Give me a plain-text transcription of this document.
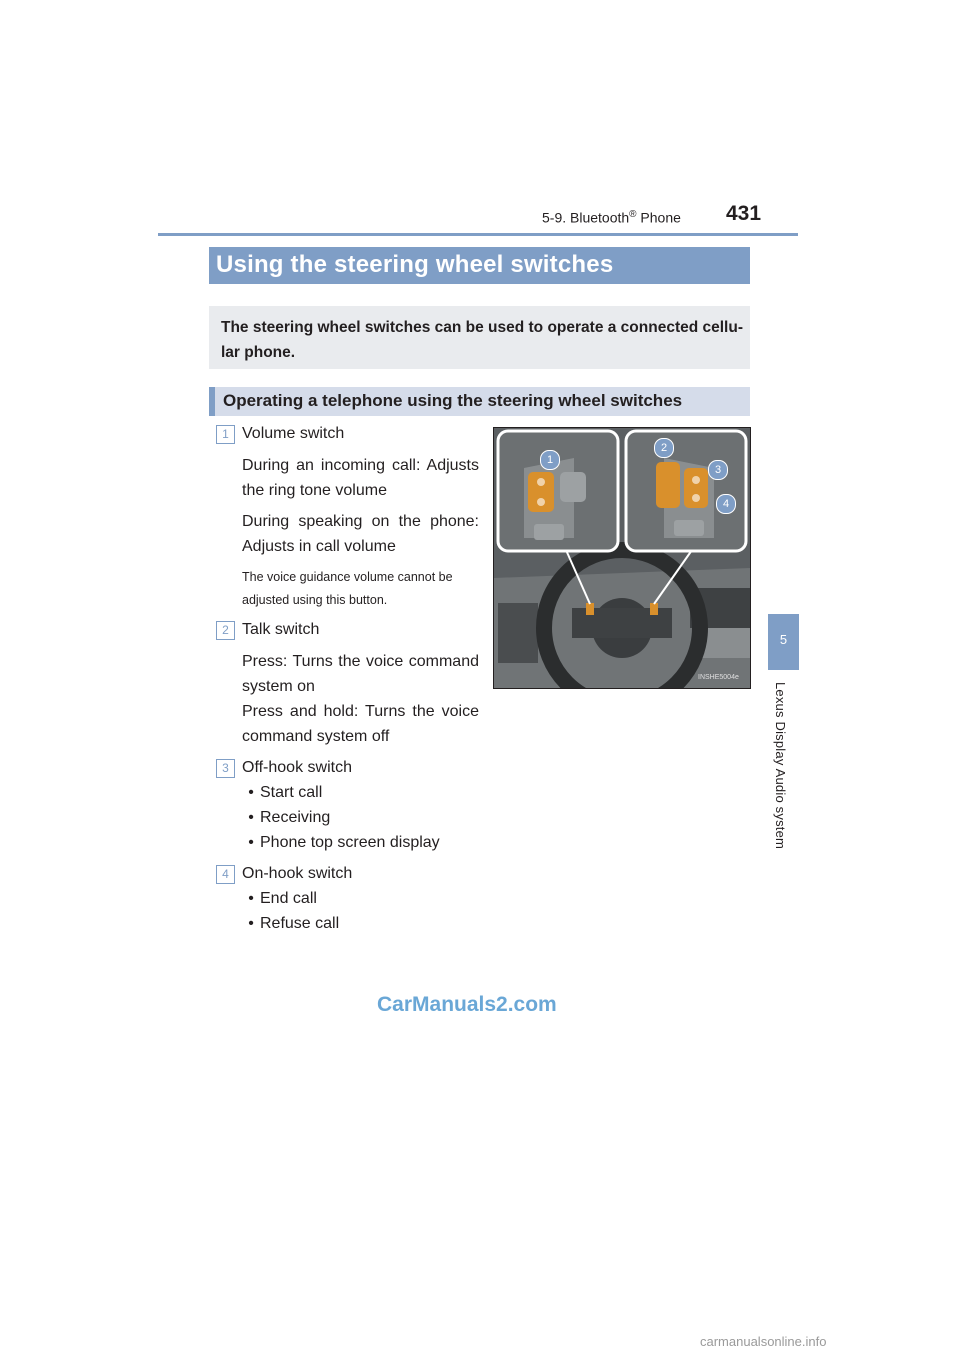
5-9. Bluetooth® Phone 431
5
Lexus Display Audio system
Using the steering wheel switches
The steering wheel switches can be used to operate a connected cellu-lar phone.
Operating a telephone using the steering wheel switches
1 Volume switch
During an incoming call: Adjusts
the ring tone volume
During speaking on the phone:
Adjusts in call volume
The voice guidance volume cannot be
adjusted using this button.
2 Talk switch
Press: Turns the voice command
system on
Press and hold: Turns the voice
command system off
3 Off-hook switch
• Start call
• Receiving
• Phone top screen display
4 On-hook switch
• End call
• Refuse call
1
2
3
4
INSHE5004e
CarManuals2.com
carmanualsonline.info
